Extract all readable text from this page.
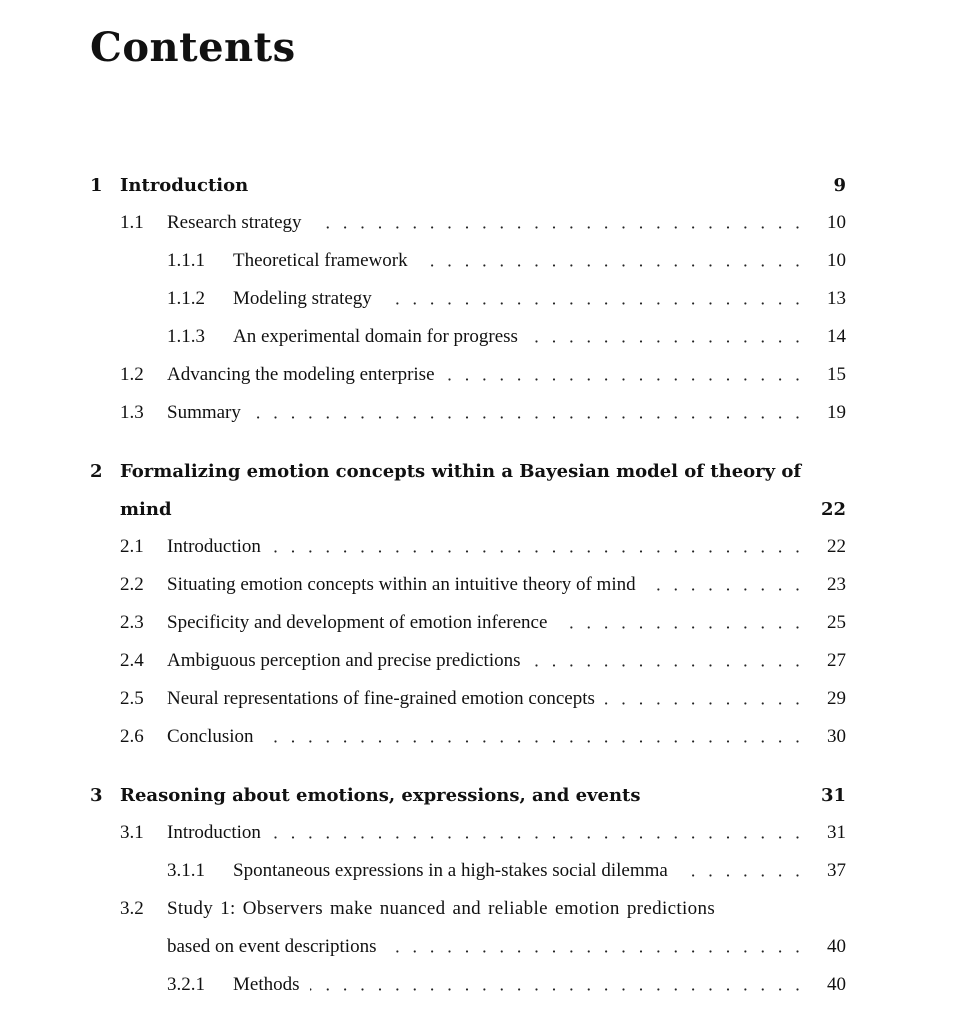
Contents
1 Introduction	9
1.1	Research strategy . . .	10
1.1.1	Theoretical framework . . .	10
1.1.2	Modeling strategy . . .	13
1.1.3	An experimental domain for progress . . .	14
1.2	Advancing the modeling enterprise . . .	15
1.3	Summary . . .	19
2 Formalizing emotion concepts within a Bayesian model of theory of
mind	22
2.1	Introduction . . .	22
2.2	Situating emotion concepts within an intuitive theory of mind . . .	23
2.3	Specificity and development of emotion inference . . .	25
2.4	Ambiguous perception and precise predictions . . .	27
2.5	Neural representations of fine-grained emotion concepts . . .	29
2.6	Conclusion . . .	30
3 Reasoning about emotions, expressions, and events	31
3.1	Introduction . . .	31
3.1.1	Spontaneous expressions in a high-stakes social dilemma . . .	37
3.2	Study 1: Observers make nuanced and reliable emotion predictions
based on event descriptions . . .	40
3.2.1	Methods . . .	40
